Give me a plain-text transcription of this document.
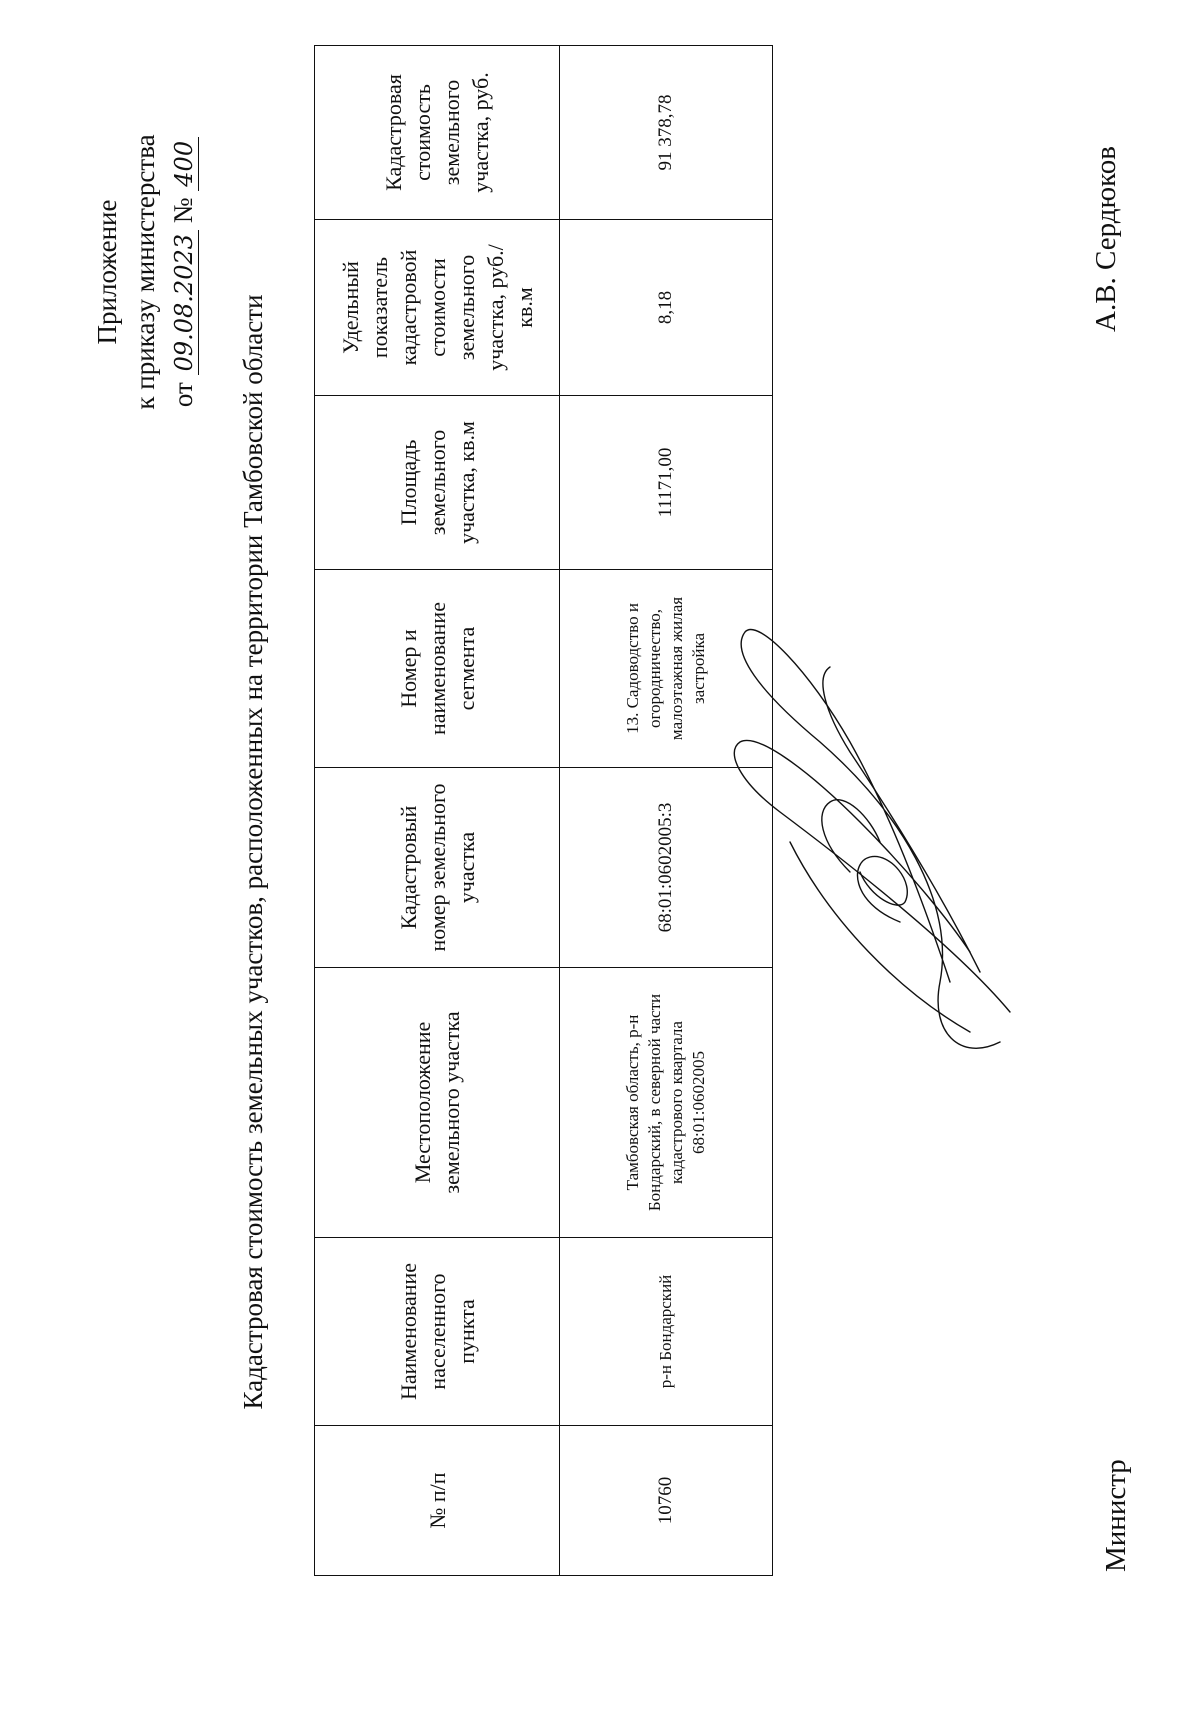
Приложение к приказу министерства от 09.08.2023 № 400
Кадастровая стоимость земельных участков, расположенных на территории Тамбовской области
№ п/п	Наименование населенного пункта	Местоположение земельного участка	Кадастровый номер земельного участка	Номер и наименование сегмента	Площадь земельного участка, кв.м	Удельный показатель кадастровой стоимости земельного участка, руб./кв.м	Кадастровая стоимость земельного участка, руб.
10760	р-н Бондарский	Тамбовская область, р-н Бондарский, в северной части кадастрового квартала 68:01:0602005	68:01:0602005:3	13. Садоводство и огородничество, малоэтажная жилая застройка	11171,00	8,18	91 378,78
Министр
А.В. Сердюков
